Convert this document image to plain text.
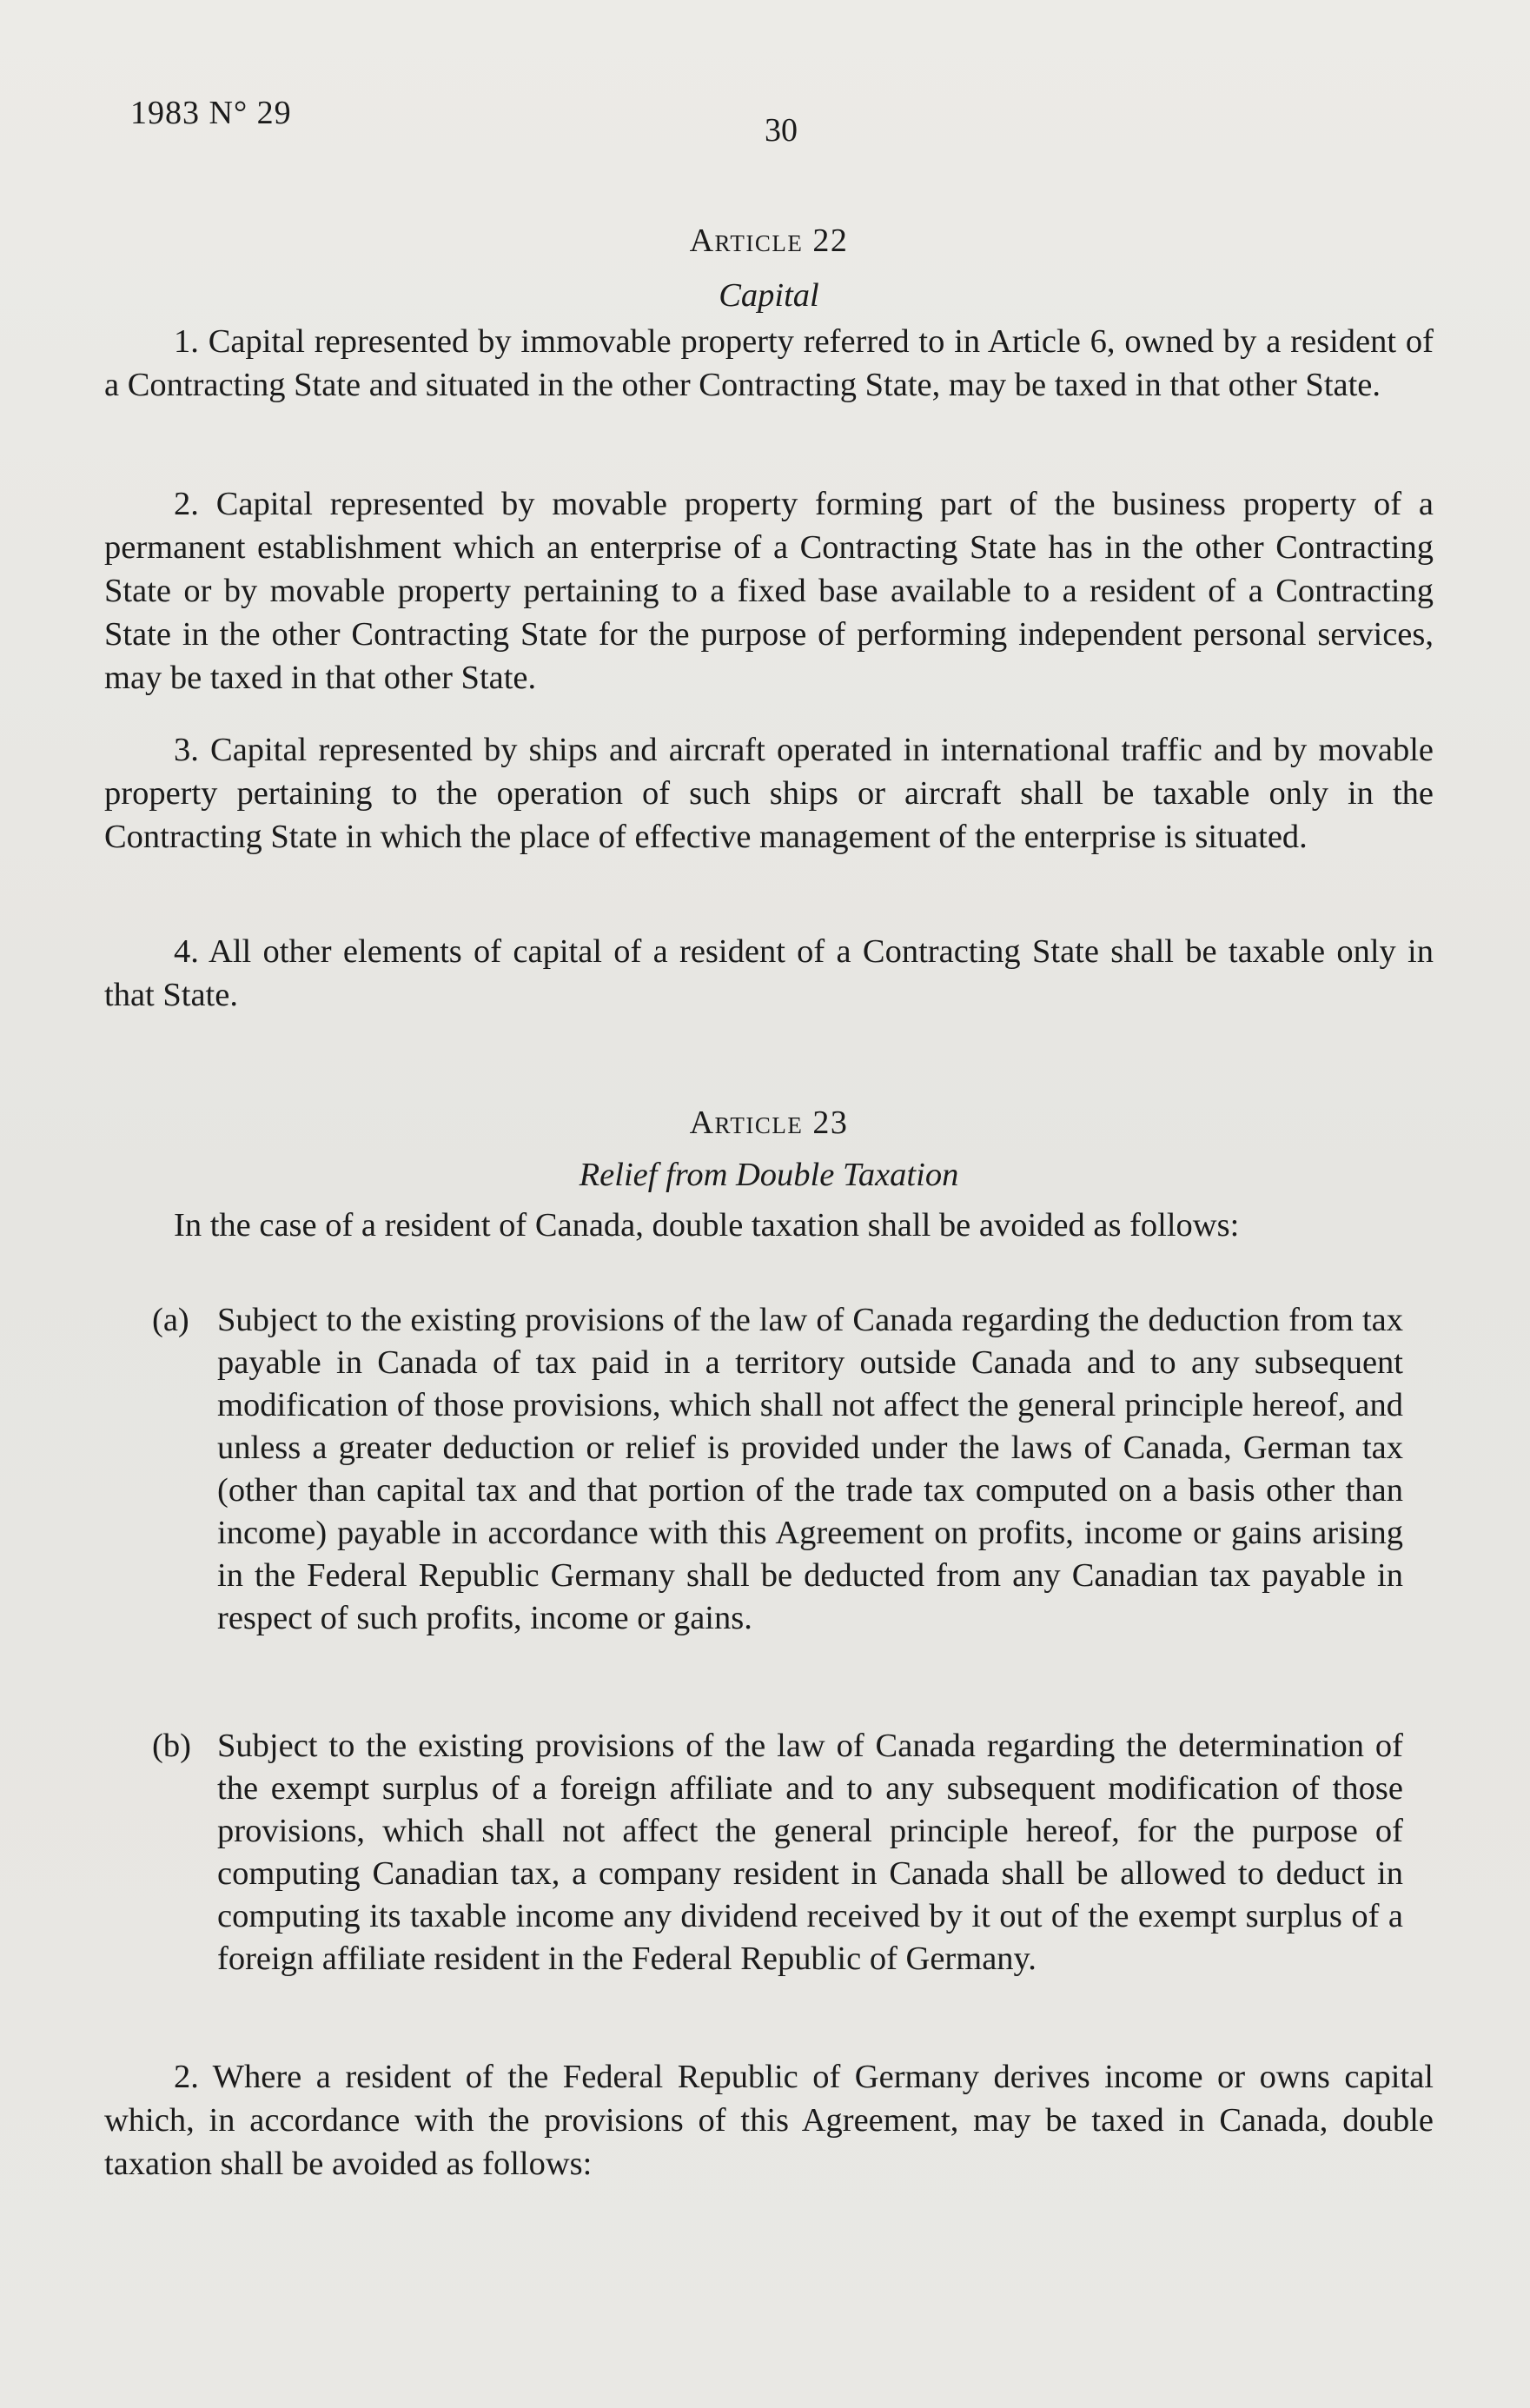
1983 N° 29	30
Article 22
Capital
1. Capital represented by immovable property referred to in Article 6, owned by a resident of a Contracting State and situated in the other Contracting State, may be taxed in that other State.
2. Capital represented by movable property forming part of the business property of a permanent establishment which an enterprise of a Contracting State has in the other Contracting State or by movable property pertaining to a fixed base available to a resident of a Contracting State in the other Contracting State for the purpose of performing independent personal services, may be taxed in that other State.
3. Capital represented by ships and aircraft operated in international traffic and by movable property pertaining to the operation of such ships or aircraft shall be taxable only in the Contracting State in which the place of effective management of the enterprise is situated.
4. All other elements of capital of a resident of a Contracting State shall be taxable only in that State.
Article 23
Relief from Double Taxation
In the case of a resident of Canada, double taxation shall be avoided as follows:
(a) Subject to the existing provisions of the law of Canada regarding the deduction from tax payable in Canada of tax paid in a territory outside Canada and to any subsequent modification of those provisions, which shall not affect the general principle hereof, and unless a greater deduction or relief is provided under the laws of Canada, German tax (other than capital tax and that portion of the trade tax computed on a basis other than income) payable in accordance with this Agreement on profits, income or gains arising in the Federal Republic Germany shall be deducted from any Canadian tax payable in respect of such profits, income or gains.
(b) Subject to the existing provisions of the law of Canada regarding the determination of the exempt surplus of a foreign affiliate and to any subsequent modification of those provisions, which shall not affect the general principle hereof, for the purpose of computing Canadian tax, a company resident in Canada shall be allowed to deduct in computing its taxable income any dividend received by it out of the exempt surplus of a foreign affiliate resident in the Federal Republic of Germany.
2. Where a resident of the Federal Republic of Germany derives income or owns capital which, in accordance with the provisions of this Agreement, may be taxed in Canada, double taxation shall be avoided as follows:
